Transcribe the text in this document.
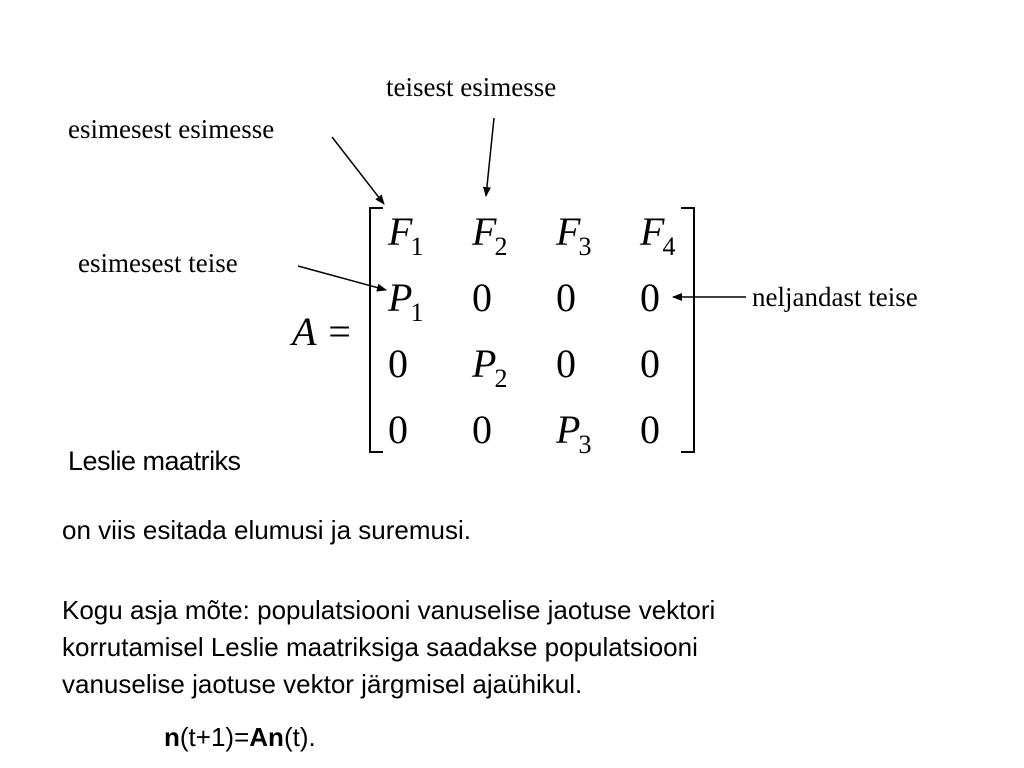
teisest esimesse
esimesest esimesse
esimesest teise
neljandast teise
A =
$F_1$ $F_2$ $F_3$ $F_4$
$P_1$ 0 0 0
0 $P_2$ 0 0
0 0 $P_3$ 0
Leslie maatriks
on viis esitada elumusi ja suremusi.
Kogu asja mõte: populatsiooni vanuselise jaotuse vektori
korrutamisel Leslie maatriksiga saadakse populatsiooni
vanuselise jaotuse vektor järgmisel ajaühikul.
n(t+1)=An(t).
